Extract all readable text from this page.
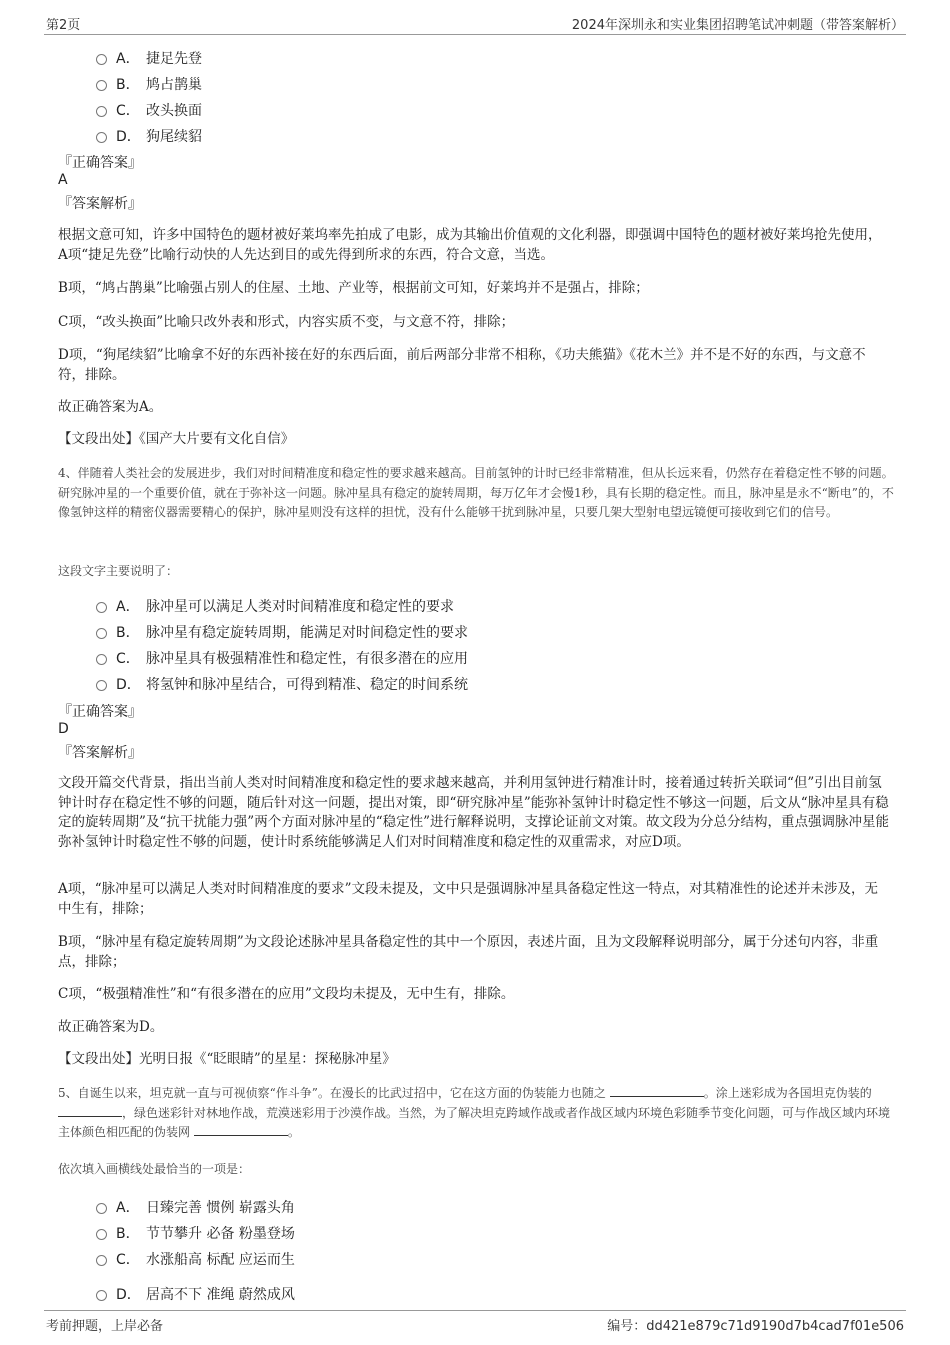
第2页	2024年深圳永和实业集团招聘笔试冲刺题（带答案解析）
A． 捷足先登
B． 鸠占鹊巢
C． 改头换面
D． 狗尾续貂
『正确答案』
A
『答案解析』

根据文意可知，许多中国特色的题材被好莱坞率先拍成了电影，成为其输出价值观的文化利器，即强调中国特色的题材被好莱坞抢先使用，A项“捷足先登”比喻行动快的人先达到目的或先得到所求的东西，符合文意，当选。

B项，“鸠占鹊巢”比喻强占别人的住屋、土地、产业等，根据前文可知，好莱坞并不是强占，排除；

C项，“改头换面”比喻只改外表和形式，内容实质不变，与文意不符，排除；

D项，“狗尾续貂”比喻拿不好的东西补接在好的东西后面，前后两部分非常不相称，《功夫熊猫》《花木兰》并不是不好的东西，与文意不符，排除。

故正确答案为A。

【文段出处】《国产大片要有文化自信》

4、伴随着人类社会的发展进步，我们对时间精准度和稳定性的要求越来越高。目前氢钟的计时已经非常精准，但从长远来看，仍然存在着稳定性不够的问题。研究脉冲星的一个重要价值，就在于弥补这一问题。脉冲星具有稳定的旋转周期，每万亿年才会慢1秒，具有长期的稳定性。而且，脉冲星是永不“断电”的，不像氢钟这样的精密仪器需要精心的保护，脉冲星则没有这样的担忧，没有什么能够干扰到脉冲星，只要几架大型射电望远镜便可接收到它们的信号。

这段文字主要说明了：
A． 脉冲星可以满足人类对时间精准度和稳定性的要求
B． 脉冲星有稳定旋转周期，能满足对时间稳定性的要求
C． 脉冲星具有极强精准性和稳定性，有很多潜在的应用
D． 将氢钟和脉冲星结合，可得到精准、稳定的时间系统
『正确答案』
D
『答案解析』

文段开篇交代背景，指出当前人类对时间精准度和稳定性的要求越来越高，并利用氢钟进行精准计时，接着通过转折关联词“但”引出目前氢钟计时存在稳定性不够的问题，随后针对这一问题，提出对策，即“研究脉冲星”能弥补氢钟计时稳定性不够这一问题，后文从“脉冲星具有稳定的旋转周期”及“抗干扰能力强”两个方面对脉冲星的“稳定性”进行解释说明，支撑论证前文对策。故文段为分总分结构，重点强调脉冲星能弥补氢钟计时稳定性不够的问题，使计时系统能够满足人们对时间精准度和稳定性的双重需求，对应D项。

A项，“脉冲星可以满足人类对时间精准度的要求”文段未提及，文中只是强调脉冲星具备稳定性这一特点，对其精准性的论述并未涉及，无中生有，排除；

B项，“脉冲星有稳定旋转周期”为文段论述脉冲星具备稳定性的其中一个原因，表述片面，且为文段解释说明部分，属于分述句内容，非重点，排除；

C项，“极强精准性”和“有很多潜在的应用”文段均未提及，无中生有，排除。

故正确答案为D。

【文段出处】光明日报《“眨眼睛”的星星：探秘脉冲星》

5、自诞生以来，坦克就一直与可视侦察“作斗争”。在漫长的比武过招中，它在这方面的伪装能力也随之	。涂上迷彩成为各国坦克伪装的 ，绿色迷彩针对林地作战，荒漠迷彩用于沙漠作战。当然，为了解决坦克跨域作战或者作战区域内环境色彩随季节变化问题，可与作战区域内环境主体颜色相匹配的伪装网	。

依次填入画横线处最恰当的一项是：
A． 日臻完善 惯例 崭露头角
B． 节节攀升 必备 粉墨登场
C． 水涨船高 标配 应运而生
D． 居高不下 准绳 蔚然成风
考前押题，上岸必备	编号：dd421e879c71d9190d7b4cad7f01e506
